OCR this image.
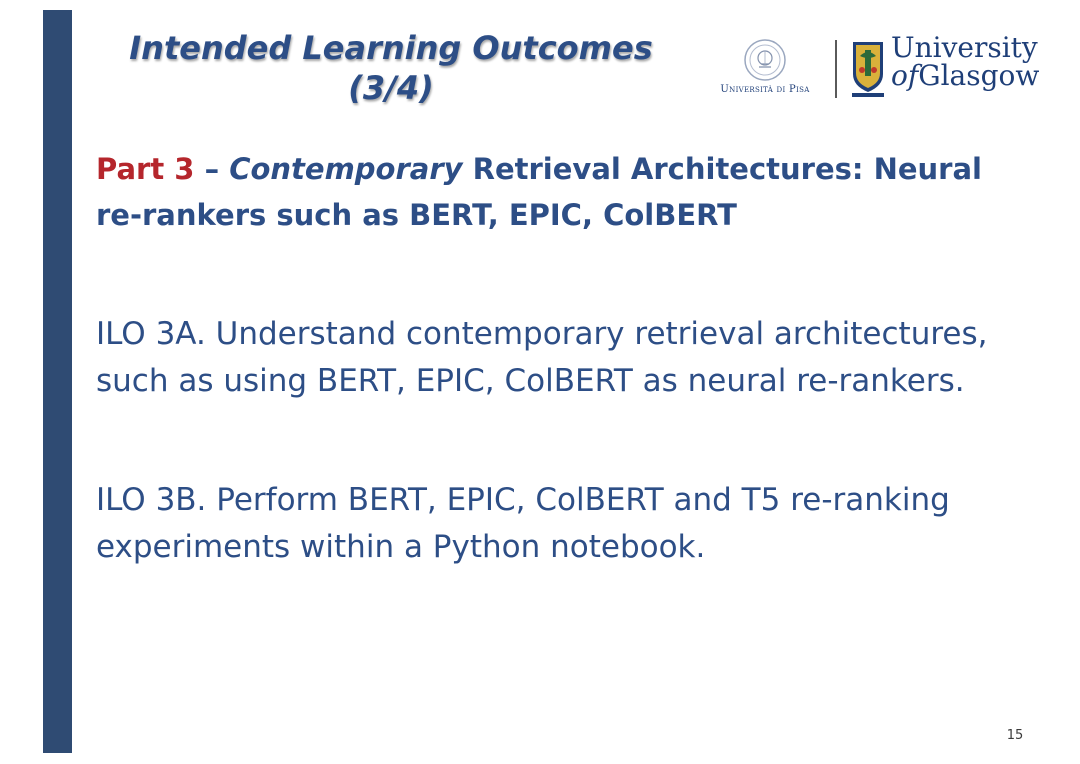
Intended Learning Outcomes
(3/4)	Università di Pisa
University
ofGlasgow
Part 3 – Contemporary Retrieval Architectures: Neural
re-rankers such as BERT, EPIC, ColBERT
ILO 3A. Understand contemporary retrieval architectures,
such as using BERT, EPIC, ColBERT as neural re-rankers.
ILO 3B. Perform BERT, EPIC, ColBERT and T5 re-ranking
experiments within a Python notebook.
15
